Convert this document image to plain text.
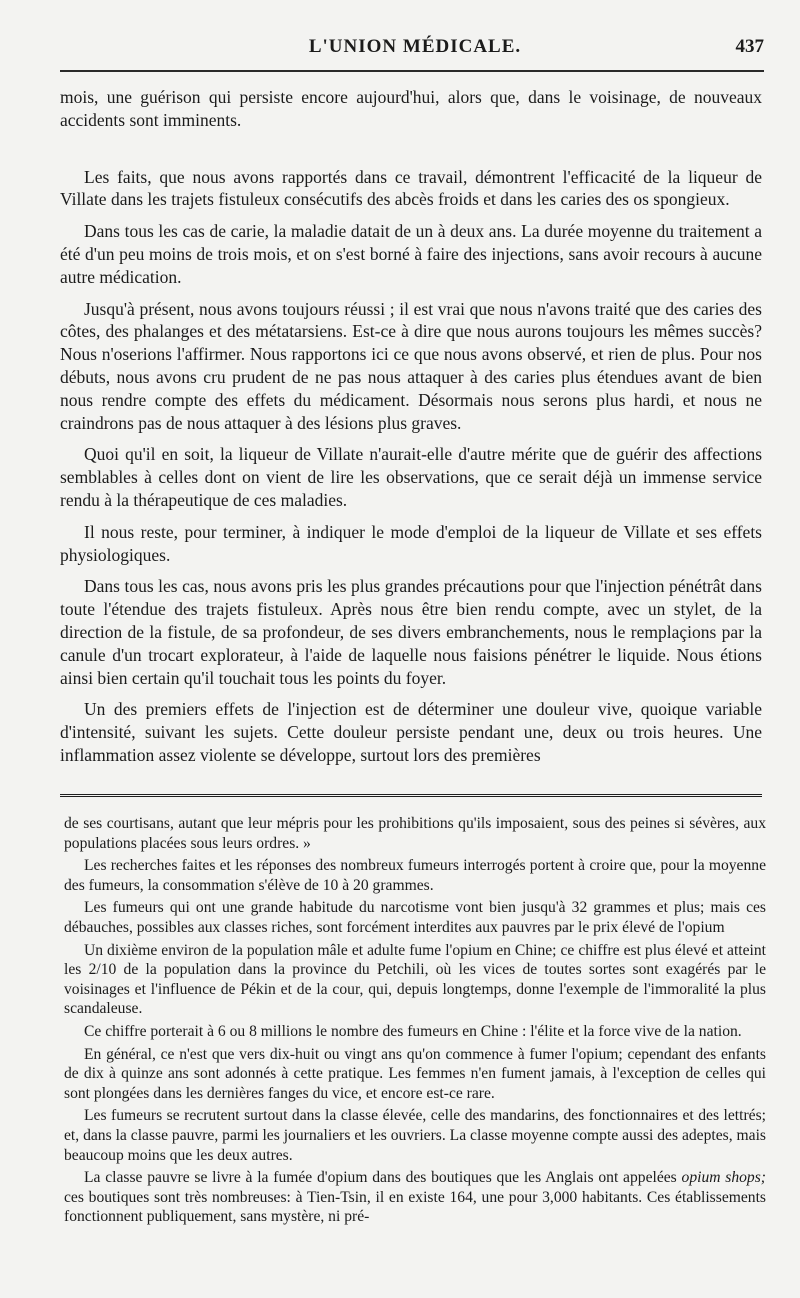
L'UNION MÉDICALE.	437

mois, une guérison qui persiste encore aujourd'hui, alors que, dans le voisinage, de nouveaux accidents sont imminents.

Les faits, que nous avons rapportés dans ce travail, démontrent l'efficacité de la liqueur de Villate dans les trajets fistuleux consécutifs des abcès froids et dans les caries des os spongieux.

Dans tous les cas de carie, la maladie datait de un à deux ans. La durée moyenne du traitement a été d'un peu moins de trois mois, et on s'est borné à faire des injections, sans avoir recours à aucune autre médication.

Jusqu'à présent, nous avons toujours réussi ; il est vrai que nous n'avons traité que des caries des côtes, des phalanges et des métatarsiens. Est-ce à dire que nous aurons toujours les mêmes succès? Nous n'oserions l'affirmer. Nous rapportons ici ce que nous avons observé, et rien de plus. Pour nos débuts, nous avons cru prudent de ne pas nous attaquer à des caries plus étendues avant de bien nous rendre compte des effets du médicament. Désormais nous serons plus hardi, et nous ne craindrons pas de nous attaquer à des lésions plus graves.

Quoi qu'il en soit, la liqueur de Villate n'aurait-elle d'autre mérite que de guérir des affections semblables à celles dont on vient de lire les observations, que ce serait déjà un immense service rendu à la thérapeutique de ces maladies.

Il nous reste, pour terminer, à indiquer le mode d'emploi de la liqueur de Villate et ses effets physiologiques.

Dans tous les cas, nous avons pris les plus grandes précautions pour que l'injection pénétrât dans toute l'étendue des trajets fistuleux. Après nous être bien rendu compte, avec un stylet, de la direction de la fistule, de sa profondeur, de ses divers embranchements, nous le remplaçions par la canule d'un trocart explorateur, à l'aide de laquelle nous faisions pénétrer le liquide. Nous étions ainsi bien certain qu'il touchait tous les points du foyer.

Un des premiers effets de l'injection est de déterminer une douleur vive, quoique variable d'intensité, suivant les sujets. Cette douleur persiste pendant une, deux ou trois heures. Une inflammation assez violente se développe, surtout lors des premières

de ses courtisans, autant que leur mépris pour les prohibitions qu'ils imposaient, sous des peines si sévères, aux populations placées sous leurs ordres. »

Les recherches faites et les réponses des nombreux fumeurs interrogés portent à croire que, pour la moyenne des fumeurs, la consommation s'élève de 10 à 20 grammes.

Les fumeurs qui ont une grande habitude du narcotisme vont bien jusqu'à 32 grammes et plus; mais ces débauches, possibles aux classes riches, sont forcément interdites aux pauvres par le prix élevé de l'opium

Un dixième environ de la population mâle et adulte fume l'opium en Chine; ce chiffre est plus élevé et atteint les 2/10 de la population dans la province du Petchili, où les vices de toutes sortes sont exagérés par le voisinages et l'influence de Pékin et de la cour, qui, depuis longtemps, donne l'exemple de l'immoralité la plus scandaleuse.

Ce chiffre porterait à 6 ou 8 millions le nombre des fumeurs en Chine : l'élite et la force vive de la nation.

En général, ce n'est que vers dix-huit ou vingt ans qu'on commence à fumer l'opium; cependant des enfants de dix à quinze ans sont adonnés à cette pratique. Les femmes n'en fument jamais, à l'exception de celles qui sont plongées dans les dernières fanges du vice, et encore est-ce rare.

Les fumeurs se recrutent surtout dans la classe élevée, celle des mandarins, des fonctionnaires et des lettrés; et, dans la classe pauvre, parmi les journaliers et les ouvriers. La classe moyenne compte aussi des adeptes, mais beaucoup moins que les deux autres.

La classe pauvre se livre à la fumée d'opium dans des boutiques que les Anglais ont appelées opium shops; ces boutiques sont très nombreuses: à Tien-Tsin, il en existe 164, une pour 3,000 habitants. Ces établissements fonctionnent publiquement, sans mystère, ni pré-
